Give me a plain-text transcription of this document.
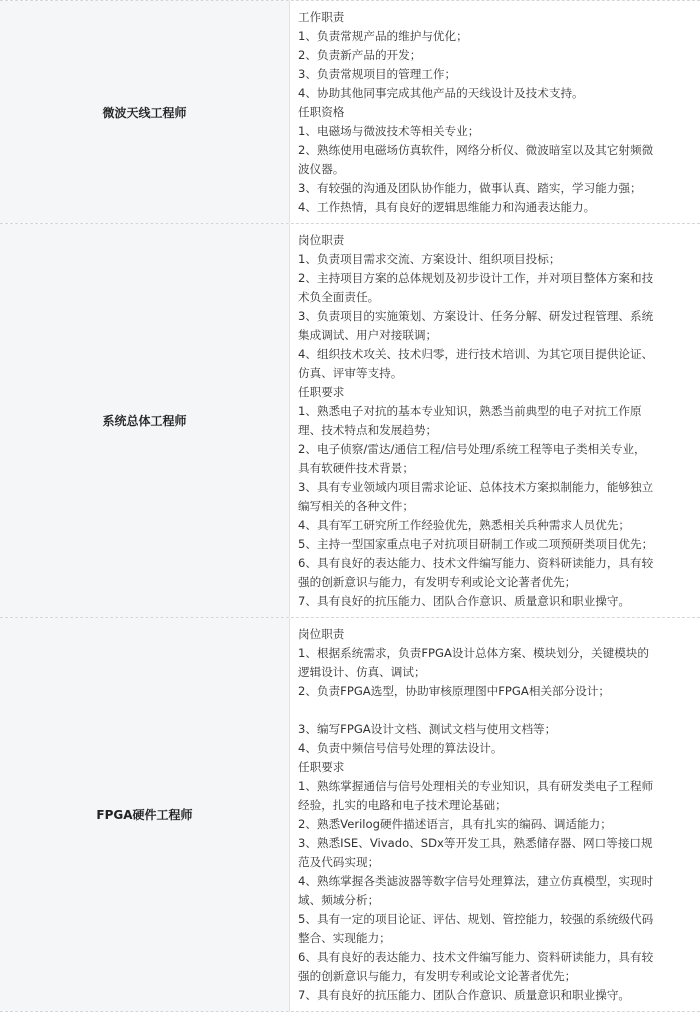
微波天线工程师
工作职责
1、负责常规产品的维护与优化；
2、负责新产品的开发；
3、负责常规项目的管理工作；
4、协助其他同事完成其他产品的天线设计及技术支持。
任职资格
1、电磁场与微波技术等相关专业；
2、熟练使用电磁场仿真软件，网络分析仪、微波暗室以及其它射频微
波仪器。
3、有较强的沟通及团队协作能力，做事认真、踏实，学习能力强；
4、工作热情，具有良好的逻辑思维能力和沟通表达能力。
系统总体工程师
岗位职责
1、负责项目需求交流、方案设计、组织项目投标；
2、主持项目方案的总体规划及初步设计工作，并对项目整体方案和技
术负全面责任。
3、负责项目的实施策划、方案设计、任务分解、研发过程管理、系统
集成调试、用户对接联调；
4、组织技术攻关、技术归零，进行技术培训、为其它项目提供论证、
仿真、评审等支持。
任职要求
1、熟悉电子对抗的基本专业知识，熟悉当前典型的电子对抗工作原
理、技术特点和发展趋势；
2、电子侦察/雷达/通信工程/信号处理/系统工程等电子类相关专业，
具有软硬件技术背景；
3、具有专业领域内项目需求论证、总体技术方案拟制能力，能够独立
编写相关的各种文件；
4、具有军工研究所工作经验优先，熟悉相关兵种需求人员优先；
5、主持一型国家重点电子对抗项目研制工作或二项预研类项目优先；
6、具有良好的表达能力、技术文件编写能力、资料研读能力，具有较
强的创新意识与能力，有发明专利或论文论著者优先；
7、具有良好的抗压能力、团队合作意识、质量意识和职业操守。
FPGA硬件工程师
岗位职责
1、根据系统需求，负责FPGA设计总体方案、模块划分，关键模块的
逻辑设计、仿真、调试；
2、负责FPGA选型，协助审核原理图中FPGA相关部分设计；
3、编写FPGA设计文档、测试文档与使用文档等；
4、负责中频信号信号处理的算法设计。
任职要求
1、熟练掌握通信与信号处理相关的专业知识，具有研发类电子工程师
经验，扎实的电路和电子技术理论基础；
2、熟悉Verilog硬件描述语言，具有扎实的编码、调适能力；
3、熟悉ISE、Vivado、SDx等开发工具，熟悉储存器、网口等接口规
范及代码实现；
4、熟练掌握各类滤波器等数字信号处理算法，建立仿真模型，实现时
域、频域分析；
5、具有一定的项目论证、评估、规划、管控能力，较强的系统级代码
整合、实现能力；
6、具有良好的表达能力、技术文件编写能力、资料研读能力，具有较
强的创新意识与能力，有发明专利或论文论著者优先；
7、具有良好的抗压能力、团队合作意识、质量意识和职业操守。
